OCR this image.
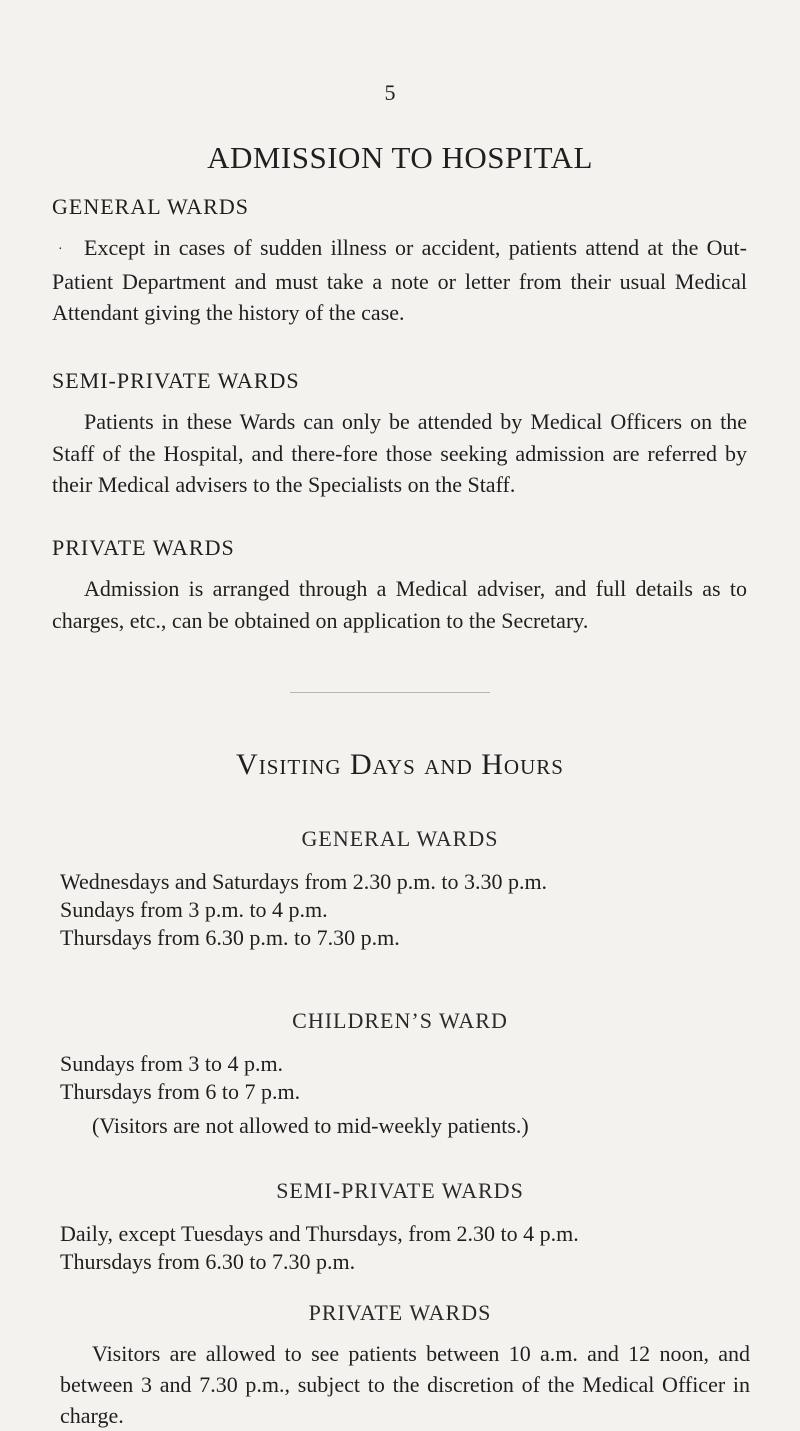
5
ADMISSION TO HOSPITAL
GENERAL WARDS

· Except in cases of sudden illness or accident, patients attend at the Out-Patient Department and must take a note or letter from their usual Medical Attendant giving the history of the case.

SEMI-PRIVATE WARDS

Patients in these Wards can only be attended by Medical Officers on the Staff of the Hospital, and there-fore those seeking admission are referred by their Medical advisers to the Specialists on the Staff.

PRIVATE WARDS

Admission is arranged through a Medical adviser, and full details as to charges, etc., can be obtained on application to the Secretary.

Visiting Days and Hours
GENERAL WARDS
Wednesdays and Saturdays from 2.30 p.m. to 3.30 p.m.
Sundays from 3 p.m. to 4 p.m.
Thursdays from 6.30 p.m. to 7.30 p.m.
CHILDREN’S WARD
Sundays from 3 to 4 p.m.
Thursdays from 6 to 7 p.m.
(Visitors are not allowed to mid-weekly patients.)
SEMI-PRIVATE WARDS
Daily, except Tuesdays and Thursdays, from 2.30 to 4 p.m.
Thursdays from 6.30 to 7.30 p.m.
PRIVATE WARDS

Visitors are allowed to see patients between 10 a.m. and 12 noon, and between 3 and 7.30 p.m., subject to the discretion of the Medical Officer in charge.
